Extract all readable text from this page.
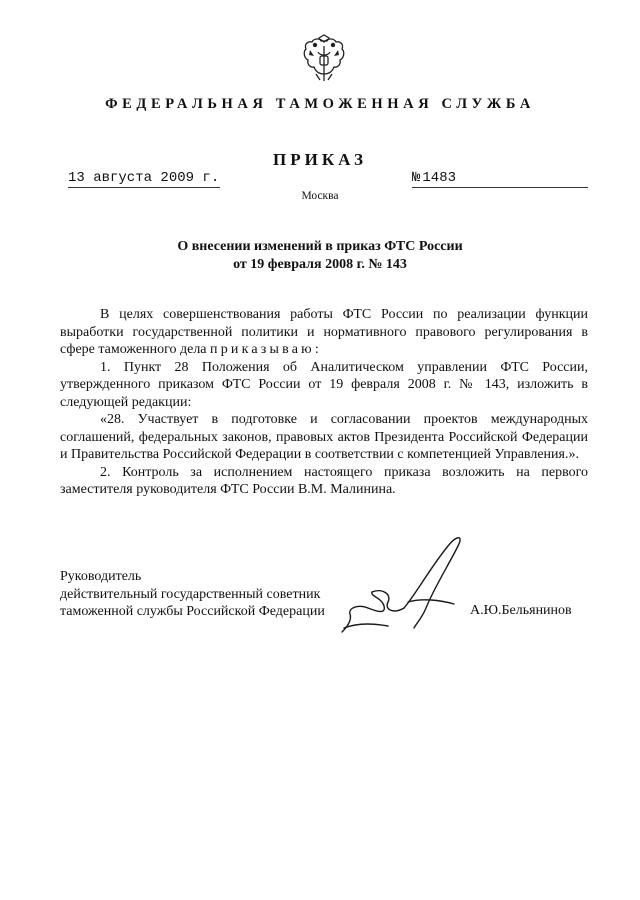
ФЕДЕРАЛЬНАЯ ТАМОЖЕННАЯ СЛУЖБА
ПРИКАЗ
13 августа 2009 г.	№ 1483
Москва
О внесении изменений в приказ ФТС России
от 19 февраля 2008 г. № 143

В целях совершенствования работы ФТС России по реализации функции выработки государственной политики и нормативного правового регулирования в сфере таможенного дела приказываю:

1. Пункт 28 Положения об Аналитическом управлении ФТС России, утвержденного приказом ФТС России от 19 февраля 2008 г. № 143, изложить в следующей редакции:

«28. Участвует в подготовке и согласовании проектов международных соглашений, федеральных законов, правовых актов Президента Российской Федерации и Правительства Российской Федерации в соответствии с компетенцией Управления.».

2. Контроль за исполнением настоящего приказа возложить на первого заместителя руководителя ФТС России В.М. Малинина.

Руководитель
действительный государственный советник
таможенной службы Российской Федерации	А.Ю.Бельянинов
